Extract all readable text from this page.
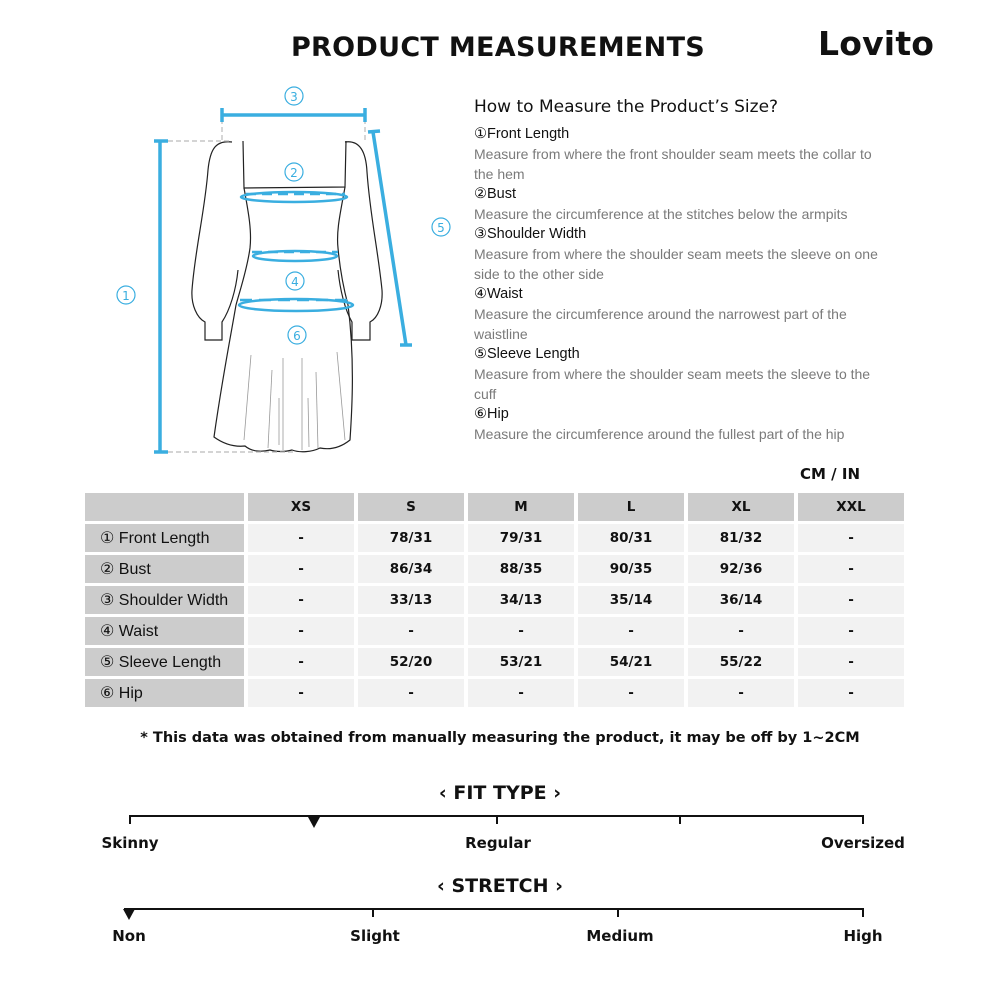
PRODUCT MEASUREMENTS	Lovito
3
2
1
4
5
6
How to Measure the Product’s Size?
①Front Length
Measure from where the front shoulder seam meets the collar to
the hem
②Bust
Measure the circumference at the stitches below the armpits
③Shoulder Width
Measure from where the shoulder seam meets the sleeve on one
side to the other side
④Waist
Measure the circumference around the narrowest part of the
waistline
⑤Sleeve Length
Measure from where the shoulder seam meets the sleeve to the
cuff
⑥Hip
Measure the circumference around the fullest part of the hip
CM / IN
	XS	S	M	L	XL	XXL
① Front Length	-	78/31	79/31	80/31	81/32	-
② Bust	-	86/34	88/35	90/35	92/36	-
③ Shoulder Width	-	33/13	34/13	35/14	36/14	-
④ Waist	-	-	-	-	-	-
⑤ Sleeve Length	-	52/20	53/21	54/21	55/22	-
⑥ Hip	-	-	-	-	-	-
* This data was obtained from manually measuring the product, it may be off by 1~2CM
‹ FIT TYPE ›
Skinny	Regular	Oversized
‹ STRETCH ›
Non	Slight	Medium	High
